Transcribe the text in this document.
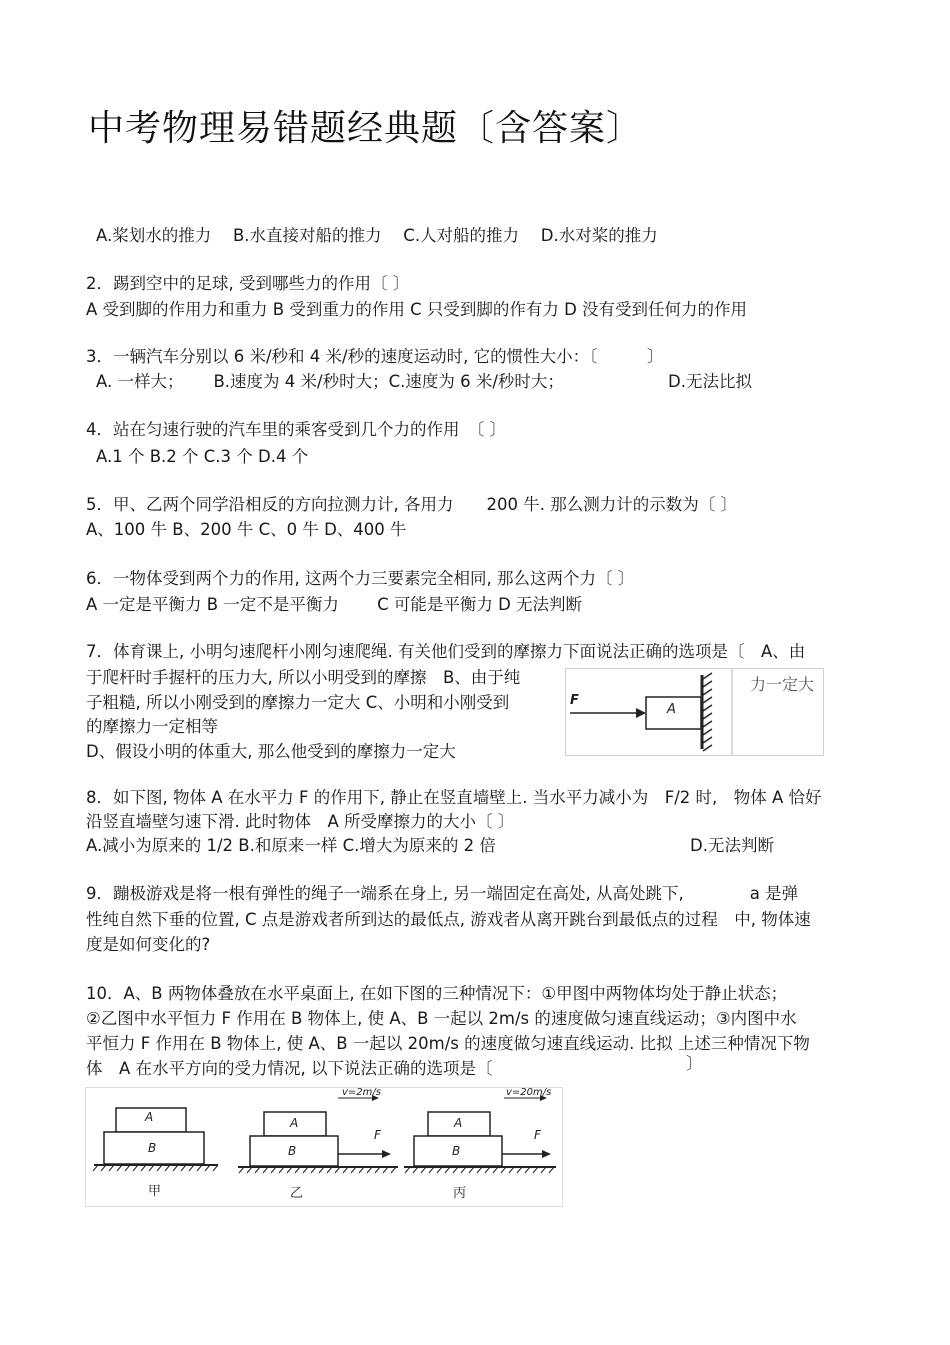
中考物理易错题经典题〔含答案〕
A.桨划水的推力　 B.水直接对船的推力　 C.人对船的推力　 D.水对桨的推力
2．踢到空中的足球, 受到哪些力的作用〔 〕
A 受到脚的作用力和重力 B 受到重力的作用 C 只受到脚的作有力 D 没有受到任何力的作用
3．一辆汽车分别以 6 米/秒和 4 米/秒的速度运动时, 它的惯性大小：〔　　　〕
A. 一样大；　　 B.速度为 4 米/秒时大；C.速度为 6 米/秒时大；	D.无法比拟
4．站在匀速行驶的汽车里的乘客受到几个力的作用　〔 〕
A.1 个 B.2 个 C.3 个 D.4 个
5．甲、乙两个同学沿相反的方向拉测力计, 各用力　　200 牛. 那么测力计的示数为〔 〕
A、100 牛 B、200 牛 C、0 牛 D、400 牛
6．一物体受到两个力的作用, 这两个力三要素完全相同, 那么这两个力〔 〕
A 一定是平衡力 B 一定不是平衡力　　 C 可能是平衡力 D 无法判断
7．体育课上, 小明匀速爬杆小刚匀速爬绳. 有关他们受到的摩擦力下面说法正确的选项是〔　A、由
于爬杆时手握杆的压力大, 所以小明受到的摩擦　B、由于纯
子粗糙, 所以小刚受到的摩擦力一定大 C、小明和小刚受到
的摩擦力一定相等
D、假设小明的体重大, 那么他受到的摩擦力一定大
F
A
力一定大
8．如下图, 物体 A 在水平力 F 的作用下, 静止在竖直墙壁上. 当水平力减小为　F/2 时,　物体 A 恰好
沿竖直墙壁匀速下滑. 此时物体　A 所受摩擦力的大小〔 〕
A.减小为原来的 1/2 B.和原来一样 C.增大为原来的 2 倍	D.无法判断
9．蹦极游戏是将一根有弹性的绳子一端系在身上, 另一端固定在高处, 从高处跳下,　　　　a 是弹
性纯自然下垂的位置, C 点是游戏者所到达的最低点, 游戏者从离开跳台到最低点的过程　中, 物体速
度是如何变化的?
10．A、B 两物体叠放在水平桌面上, 在如下图的三种情况下：①甲图中两物体均处于静止状态；
②乙图中水平恒力 F 作用在 B 物体上, 使 A、B 一起以 2m/s 的速度做匀速直线运动；③内图中水
平恒力 F 作用在 B 物体上, 使 A、B 一起以 20m/s 的速度做匀速直线运动. 比拟 上述三种情况下物
体　A 在水平方向的受力情况, 以下说法正确的选项是〔	〕
A
B
甲
A
B
F
v=2m/s
乙
A
B
F
v=20m/s
丙
